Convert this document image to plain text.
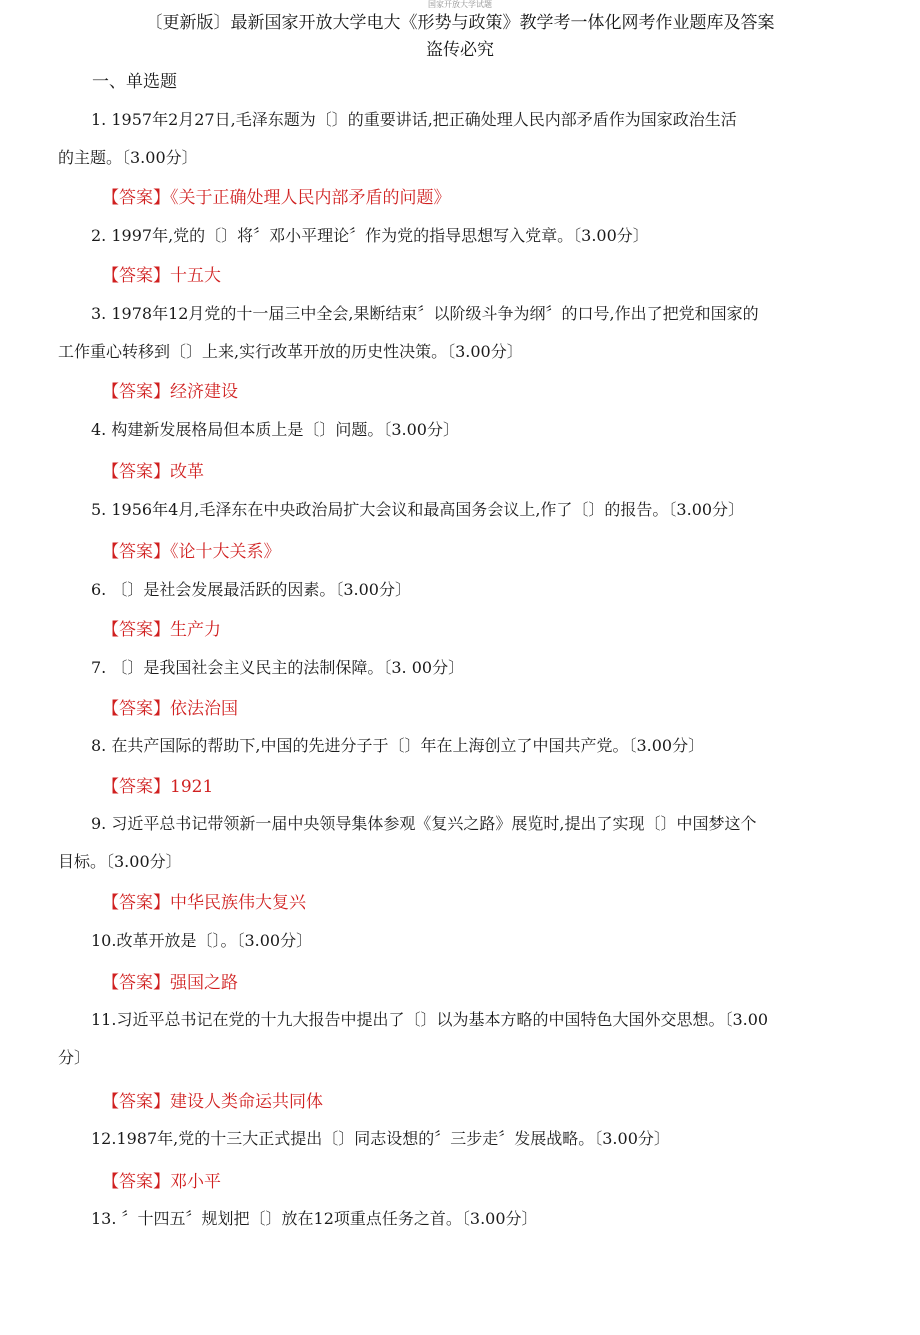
国家开放大学试题
〔更新版〕最新国家开放大学电大《形势与政策》教学考一体化网考作业题库及答案
盗传必究
一、单选题
1. 1957年2月27日,毛泽东题为〔〕的重要讲话,把正确处理人民内部矛盾作为国家政治生活
的主题。〔3.00分〕
【答案】《关于正确处理人民内部矛盾的问题》
2. 1997年,党的〔〕将〞邓小平理论〞作为党的指导思想写入党章。〔3.00分〕
【答案】十五大
3. 1978年12月党的十一届三中全会,果断结束〞以阶级斗争为纲〞的口号,作出了把党和国家的
工作重心转移到〔〕上来,实行改革开放的历史性决策。〔3.00分〕
【答案】经济建设
4. 构建新发展格局但本质上是〔〕问题。〔3.00分〕
【答案】改革
5. 1956年4月,毛泽东在中央政治局扩大会议和最高国务会议上,作了〔〕的报告。〔3.00分〕
【答案】《论十大关系》
6. 〔〕是社会发展最活跃的因素。〔3.00分〕
【答案】生产力
7. 〔〕是我国社会主义民主的法制保障。〔3. 00分〕
【答案】依法治国
8. 在共产国际的帮助下,中国的先进分子于〔〕年在上海创立了中国共产党。〔3.00分〕
【答案】1921
9. 习近平总书记带领新一届中央领导集体参观《复兴之路》展览时,提出了实现〔〕中国梦这个
目标。〔3.00分〕
【答案】中华民族伟大复兴
10.改革开放是〔〕。〔3.00分〕
【答案】强国之路
11.习近平总书记在党的十九大报告中提出了〔〕以为基本方略的中国特色大国外交思想。〔3.00
分〕
【答案】建设人类命运共同体
12.1987年,党的十三大正式提出〔〕同志设想的〞三步走〞发展战略。〔3.00分〕
【答案】邓小平
13. 〞十四五〞规划把〔〕放在12项重点任务之首。〔3.00分〕
